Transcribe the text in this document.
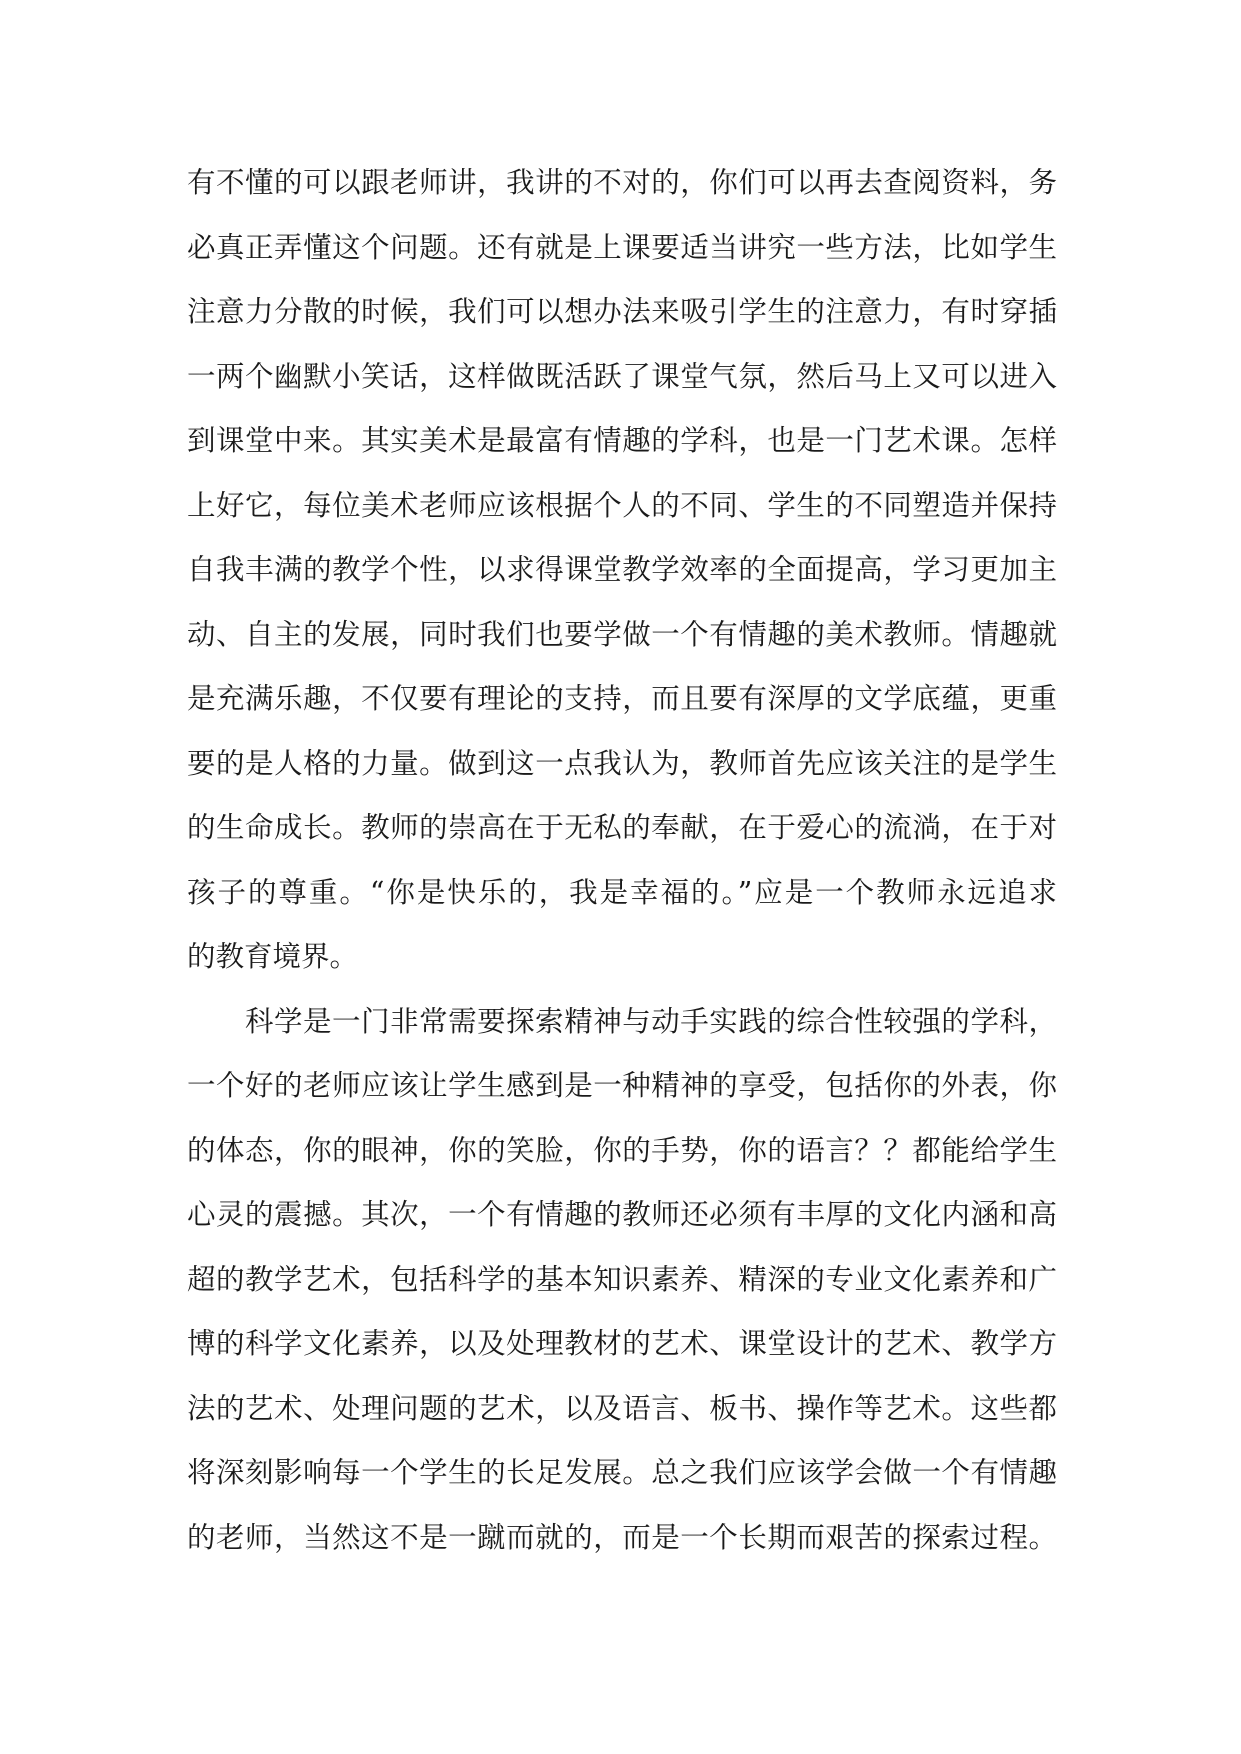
有不懂的可以跟老师讲，我讲的不对的，你们可以再去查阅资料，务
必真正弄懂这个问题。还有就是上课要适当讲究一些方法，比如学生
注意力分散的时候，我们可以想办法来吸引学生的注意力，有时穿插
一两个幽默小笑话，这样做既活跃了课堂气氛，然后马上又可以进入
到课堂中来。其实美术是最富有情趣的学科，也是一门艺术课。怎样
上好它，每位美术老师应该根据个人的不同、学生的不同塑造并保持
自我丰满的教学个性，以求得课堂教学效率的全面提高，学习更加主
动、自主的发展，同时我们也要学做一个有情趣的美术教师。情趣就
是充满乐趣，不仅要有理论的支持，而且要有深厚的文学底蕴，更重
要的是人格的力量。做到这一点我认为，教师首先应该关注的是学生
的生命成长。教师的崇高在于无私的奉献，在于爱心的流淌，在于对
孩子的尊重。“你是快乐的，我是幸福的。”应是一个教师永远追求
的教育境界。
科学是一门非常需要探索精神与动手实践的综合性较强的学科，
一个好的老师应该让学生感到是一种精神的享受，包括你的外表，你
的体态，你的眼神，你的笑脸，你的手势，你的语言？？都能给学生
心灵的震撼。其次，一个有情趣的教师还必须有丰厚的文化内涵和高
超的教学艺术，包括科学的基本知识素养、精深的专业文化素养和广
博的科学文化素养，以及处理教材的艺术、课堂设计的艺术、教学方
法的艺术、处理问题的艺术，以及语言、板书、操作等艺术。这些都
将深刻影响每一个学生的长足发展。总之我们应该学会做一个有情趣
的老师，当然这不是一蹴而就的，而是一个长期而艰苦的探索过程。
